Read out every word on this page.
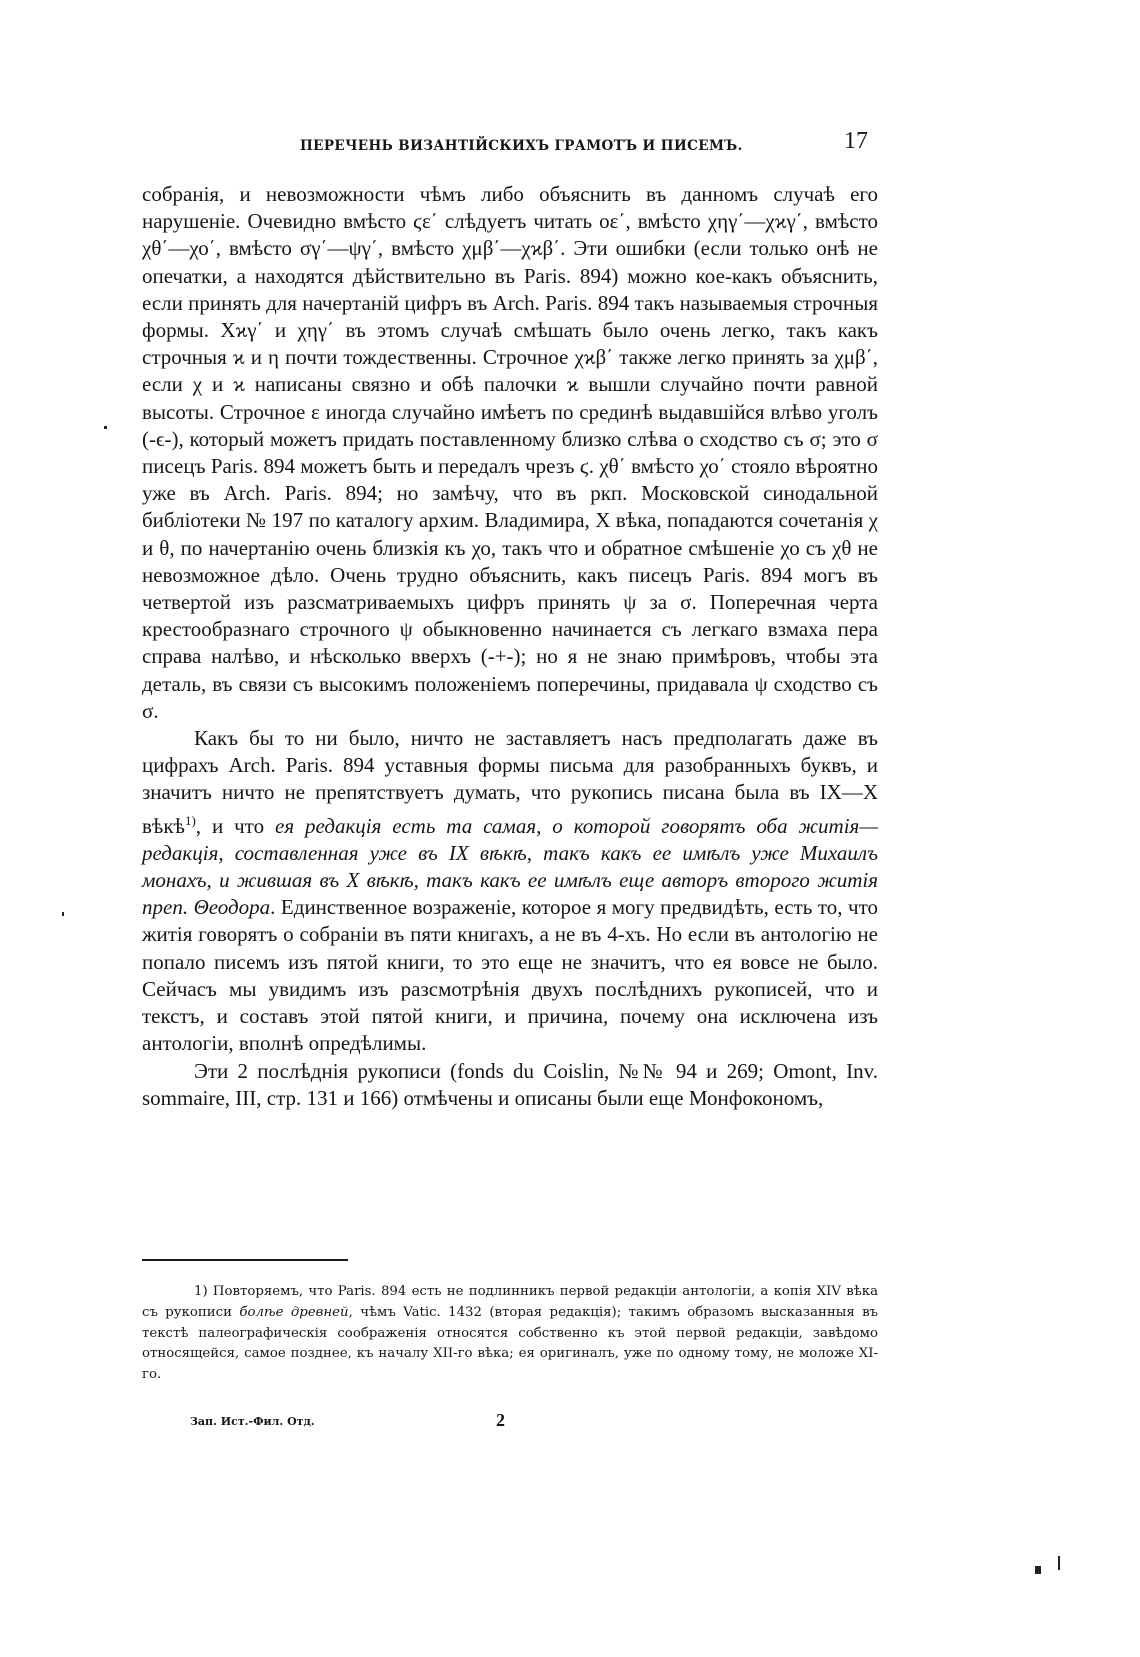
ПЕРЕЧЕНЬ ВИЗАНТІЙСКИХЪ ГРАМОТЪ И ПИСЕМЪ.	17

собранія, и невозможности чѣмъ либо объяснить въ данномъ случаѣ его нарушеніе. Очевидно вмѣсто ϛε΄ слѣдуетъ читать οε΄, вмѣсто χηγ΄—χϰγ΄, вмѣсто χθ΄—χο΄, вмѣсто σγ΄—ψγ΄, вмѣсто χμβ΄—χϰβ΄. Эти ошибки (если только онѣ не опечатки, а находятся дѣйствительно въ Paris. 894) можно кое-какъ объяснить, если принять для начертаній цифръ въ Arch. Paris. 894 такъ называемыя строчныя формы. Χϰγ΄ и χηγ΄ въ этомъ случаѣ смѣшать было очень легко, такъ какъ строчныя ϰ и η почти тождественны. Строчное χϰβ΄ также легко принять за χμβ΄, если χ и ϰ написаны связно и обѣ палочки ϰ вышли случайно почти равной высоты. Строчное ε иногда случайно имѣетъ по срединѣ выдавшійся влѣво уголъ (-ϵ-), который можетъ придать поставленному близко слѣва ο сходство съ σ; это σ писецъ Paris. 894 можетъ быть и передалъ чрезъ ϛ. χθ΄ вмѣсто χο΄ стояло вѣроятно уже въ Arch. Paris. 894; но замѣчу, что въ ркп. Московской синодальной библіотеки № 197 по каталогу архим. Владимира, X вѣка, попадаются сочетанія χ и θ, по начертанію очень близкія къ χο, такъ что и обратное смѣшеніе χο съ χθ не невозможное дѣло. Очень трудно объяснить, какъ писецъ Paris. 894 могъ въ четвертой изъ разсматриваемыхъ цифръ принять ψ за σ. Поперечная черта крестообразнаго строчного ψ обыкновенно начинается съ легкаго взмаха пера справа налѣво, и нѣсколько вверхъ (-+-); но я не знаю примѣровъ, чтобы эта деталь, въ связи съ высокимъ положеніемъ поперечины, придавала ψ сходство съ σ.

Какъ бы то ни было, ничто не заставляетъ насъ предполагать даже въ цифрахъ Arch. Paris. 894 уставныя формы письма для разобранныхъ буквъ, и значитъ ничто не препятствуетъ думать, что рукопись писана была въ IX—X вѣкѣ$^{1)}$, и что ея редакція есть та самая, о которой говорятъ оба житія—редакція, составленная уже въ IX вѣкѣ, такъ какъ ее имѣлъ уже Михаилъ монахъ, и жившая въ X вѣкѣ, такъ какъ ее имѣлъ еще авторъ второго житія преп. Θеодора. Единственное возраженіе, которое я могу предвидѣть, есть то, что житія говорятъ о собраніи въ пяти книгахъ, а не въ 4-хъ. Но если въ антологію не попало писемъ изъ пятой книги, то это еще не значитъ, что ея вовсе не было. Сейчасъ мы увидимъ изъ разсмотрѣнія двухъ послѣднихъ рукописей, что и текстъ, и составъ этой пятой книги, и причина, почему она исключена изъ антологіи, вполнѣ опредѣлимы.

Эти 2 послѣднія рукописи (fonds du Coislin, №№ 94 и 269; Omont, Inv. sommaire, III, стр. 131 и 166) отмѣчены и описаны были еще Монфокономъ,

1) Повторяемъ, что Paris. 894 есть не подлинникъ первой редакціи антологіи, а копія XIV вѣка съ рукописи болѣе древней, чѣмъ Vatic. 1432 (вторая редакція); такимъ образомъ высказанныя въ текстѣ палеографическія соображенія относятся собственно къ этой первой редакціи, завѣдомо относящейся, самое позднее, къ началу XII-го вѣка; ея оригиналъ, уже по одному тому, не моложе XI-го.

Зап. Ист.-Фил. Отд.	2
